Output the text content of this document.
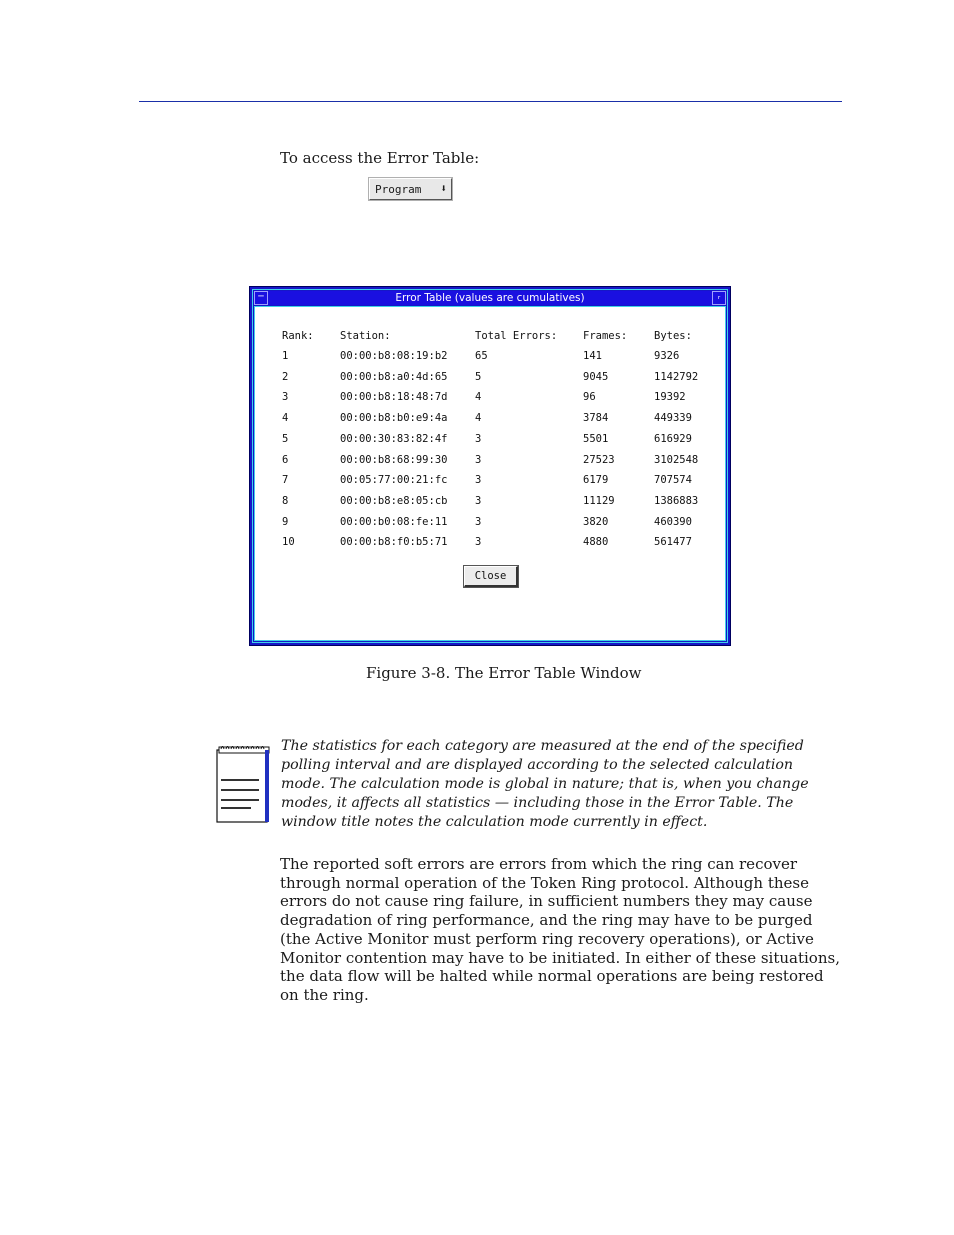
To access the Error Table:
Program ⬇
─	Error Table (values are cumulatives)	ᵣ
Rank:	Station:	Total Errors: Frames:	Bytes:
1	00:00:b8:08:19:b2	65	141	9326
2	00:00:b8:a0:4d:65	5	9045	1142792
3	00:00:b8:18:48:7d	4	96	19392
4	00:00:b8:b0:e9:4a	4	3784	449339
5	00:00:30:83:82:4f	3	5501	616929
6	00:00:b8:68:99:30	3	27523	3102548
7	00:05:77:00:21:fc	3	6179	707574
8	00:00:b8:e8:05:cb	3	11129	1386883
9	00:00:b0:08:fe:11	3	3820	460390
10	00:00:b8:f0:b5:71	3	4880	561477
Close
Figure 3-8. The Error Table Window
The statistics for each category are measured at the end of the specified polling interval and are displayed according to the selected calculation mode. The calculation mode is global in nature; that is, when you change modes, it affects all statistics — including those in the Error Table. The window title notes the calculation mode currently in effect.
The reported soft errors are errors from which the ring can recover through normal operation of the Token Ring protocol. Although these errors do not cause ring failure, in sufficient numbers they may cause degradation of ring performance, and the ring may have to be purged (the Active Monitor must perform ring recovery operations), or Active Monitor contention may have to be initiated. In either of these situations, the data flow will be halted while normal operations are being restored on the ring.
